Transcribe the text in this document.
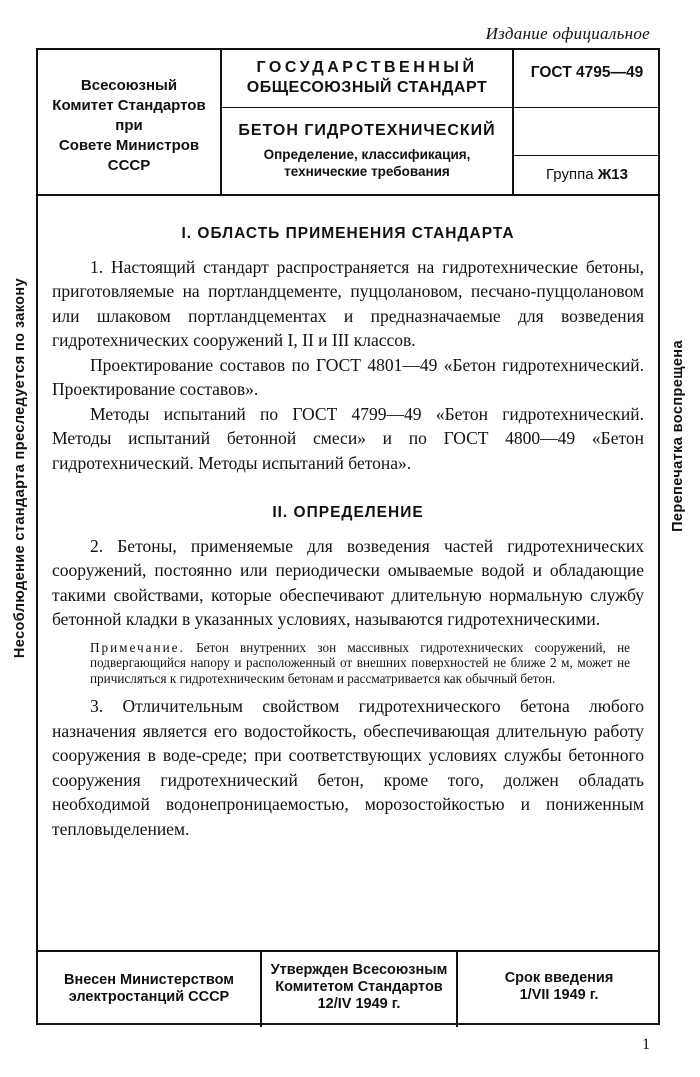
Издание официальное
Несоблюдение стандарта преследуется по закону	Перепечатка воспрещена
Всесоюзный
Комитет Стандартов
при
Совете Министров
СССР
ГОСУДАРСТВЕННЫЙ
ОБЩЕСОЮЗНЫЙ СТАНДАРТ
БЕТОН ГИДРОТЕХНИЧЕСКИЙ
Определение, классификация,
технические требования
ГОСТ 4795—49
Группа Ж13
Внесен Министерством
электростанций СССР
Утвержден Всесоюзным
Комитетом Стандартов
12/IV 1949 г.
Срок введения
1/VII 1949 г.
I. ОБЛАСТЬ ПРИМЕНЕНИЯ СТАНДАРТА

1. Настоящий стандарт распространяется на гидротехнические бетоны, приготовляемые на портландцементе, пуццолановом, песчано-пуццолановом или шлаковом портландцементах и предназначаемые для возведения гидротехнических сооружений I, II и III классов.

Проектирование составов по ГОСТ 4801—49 «Бетон гидротехнический. Проектирование составов».

Методы испытаний по ГОСТ 4799—49 «Бетон гидротехнический. Методы испытаний бетонной смеси» и по ГОСТ 4800—49 «Бетон гидротехнический. Методы испытаний бетона».

II. ОПРЕДЕЛЕНИЕ

2. Бетоны, применяемые для возведения частей гидротехнических сооружений, постоянно или периодически омываемые водой и обладающие такими свойствами, которые обеспечивают длительную нормальную службу бетонной кладки в указанных условиях, называются гидротехническими.

Примечание. Бетон внутренних зон массивных гидротехнических сооружений, не подвергающийся напору и расположенный от внешних поверхностей не ближе 2 м, может не причисляться к гидротехническим бетонам и рассматривается как обычный бетон.

3. Отличительным свойством гидротехнического бетона любого назначения является его водостойкость, обеспечивающая длительную работу сооружения в воде-среде; при соответствующих условиях службы бетонного сооружения гидротехнический бетон, кроме того, должен обладать необходимой водонепроницаемостью, морозостойкостью и пониженным тепловыделением.

1
